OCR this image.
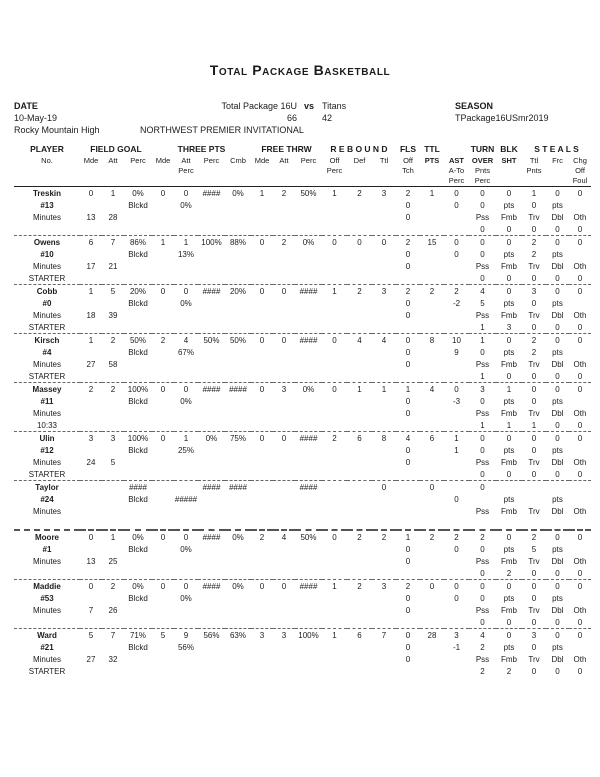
Total Package Basketball
DATE
10-May-19
Rocky Mountain High
Total Package 16U vs Titans
66	42
NORTHWEST PREMIER INVITATIONAL
SEASON
TPackage16USmr2019
PLAYER	FIELD GOAL			THREE PTS				FREE THRW			R E B O U N D			FLS	TTL		TURN	BLK	S T E A L S		
No.	Mde	Att	Perc	Mde	Att	Perc	Cmb	Mde	Att	Perc	Off	Def	Ttl	Off	PTS	AST	OVER	SHT	Ttl	Frc	Chg
					Perc						Perc			Tch		A-To	Pnts		Pnts		Off
																Perc	Perc				Foul
Treskin	0	1	0%	0	0	####	0%	1	2	50%	1	2	3	2	1	0	0	0	1	0	0
#13			Blckd		0%									0		0	0	pts	0	pts	
Minutes	13	28												0			Pss	Fmb	Trv	Dbl	Oth
																	0	0	0	0	0
Owens	6	7	86%	1	1	100%	88%	0	2	0%	0	0	0	2	15	0	0	0	2	0	0
#10			Blckd		13%									0		0	0	pts	2	pts	
Minutes	17	21												0			Pss	Fmb	Trv	Dbl	Oth
STARTER																	0	0	0	0	0
Cobb	1	5	20%	0	0	####	20%	0	0	####	1	2	3	2	2	2	4	0	3	0	0
#0			Blckd		0%									0		-2	5	pts	0	pts	
Minutes	18	39												0			Pss	Fmb	Trv	Dbl	Oth
STARTER																	1	3	0	0	0
Kirsch	1	2	50%	2	4	50%	50%	0	0	####	0	4	4	0	8	10	1	0	2	0	0
#4			Blckd		67%									0		9	0	pts	2	pts	
Minutes	27	58												0			Pss	Fmb	Trv	Dbl	Oth
STARTER																	1	0	0	0	0
Massey	2	2	100%	0	0	####	####	0	3	0%	0	1	1	1	4	0	3	1	0	0	0
#11			Blckd		0%									0		-3	0	pts	0	pts	
Minutes														0			Pss	Fmb	Trv	Dbl	Oth
10:33																	1	1	1	0	0
Ulin	3	3	100%	0	1	0%	75%	0	0	####	2	6	8	4	6	1	0	0	0	0	0
#12			Blckd		25%									0		1	0	pts	0	pts	
Minutes	24	5												0			Pss	Fmb	Trv	Dbl	Oth
STARTER																	0	0	0	0	0
Taylor			####			####	####			####			0		0		0				
#24			Blckd		#####											0		pts		pts	
Minutes																	Pss	Fmb	Trv	Dbl	Oth

Moore	0	1	0%	0	0	####	0%	2	4	50%	0	2	2	1	2	2	2	0	2	0	0
#1			Blckd		0%									0		0	0	pts	5	pts	
Minutes	13	25												0			Pss	Fmb	Trv	Dbl	Oth
																	0	2	0	0	0
Maddie	0	2	0%	0	0	####	0%	0	0	####	1	2	3	2	0	0	0	0	0	0	0
#53			Blckd		0%									0		0	0	pts	0	pts	
Minutes	7	26												0			Pss	Fmb	Trv	Dbl	Oth
																	0	0	0	0	0
Ward	5	7	71%	5	9	56%	63%	3	3	100%	1	6	7	0	28	3	4	0	3	0	0
#21			Blckd		56%									0		-1	2	pts	0	pts	
Minutes	27	32												0			Pss	Fmb	Trv	Dbl	Oth
STARTER																	2	2	0	0	0
